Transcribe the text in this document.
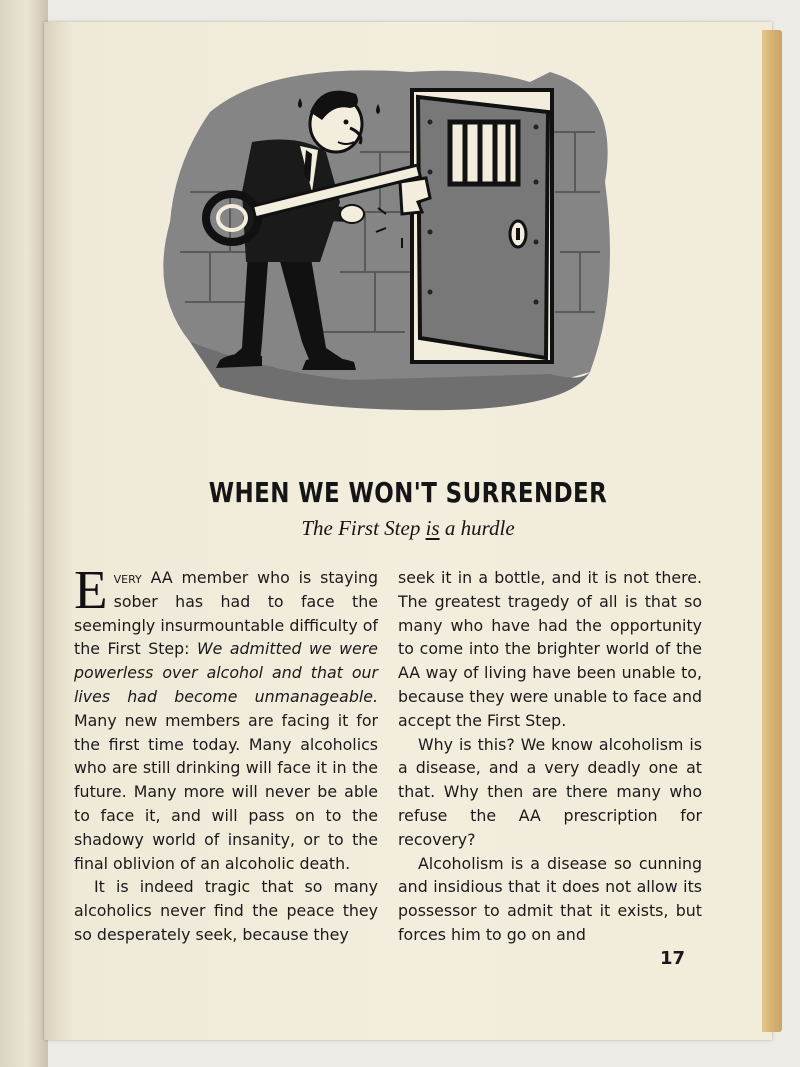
WHEN WE WON'T SURRENDER
The First Step is a hurdle

Every AA member who is staying sober has had to face the seemingly insurmountable difficulty of the First Step: We admitted we were powerless over alcohol and that our lives had become unmanageable. Many new members are facing it for the first time today. Many alcoholics who are still drinking will face it in the future. Many more will never be able to face it, and will pass on to the shadowy world of insanity, or to the final oblivion of an alcoholic death.

It is indeed tragic that so many alcoholics never find the peace they so desperately seek, because they

seek it in a bottle, and it is not there. The greatest tragedy of all is that so many who have had the opportunity to come into the brighter world of the AA way of living have been unable to, because they were unable to face and accept the First Step.

Why is this? We know alcoholism is a disease, and a very deadly one at that. Why then are there many who refuse the AA prescription for recovery?

Alcoholism is a disease so cunning and insidious that it does not allow its possessor to admit that it exists, but forces him to go on and

17
